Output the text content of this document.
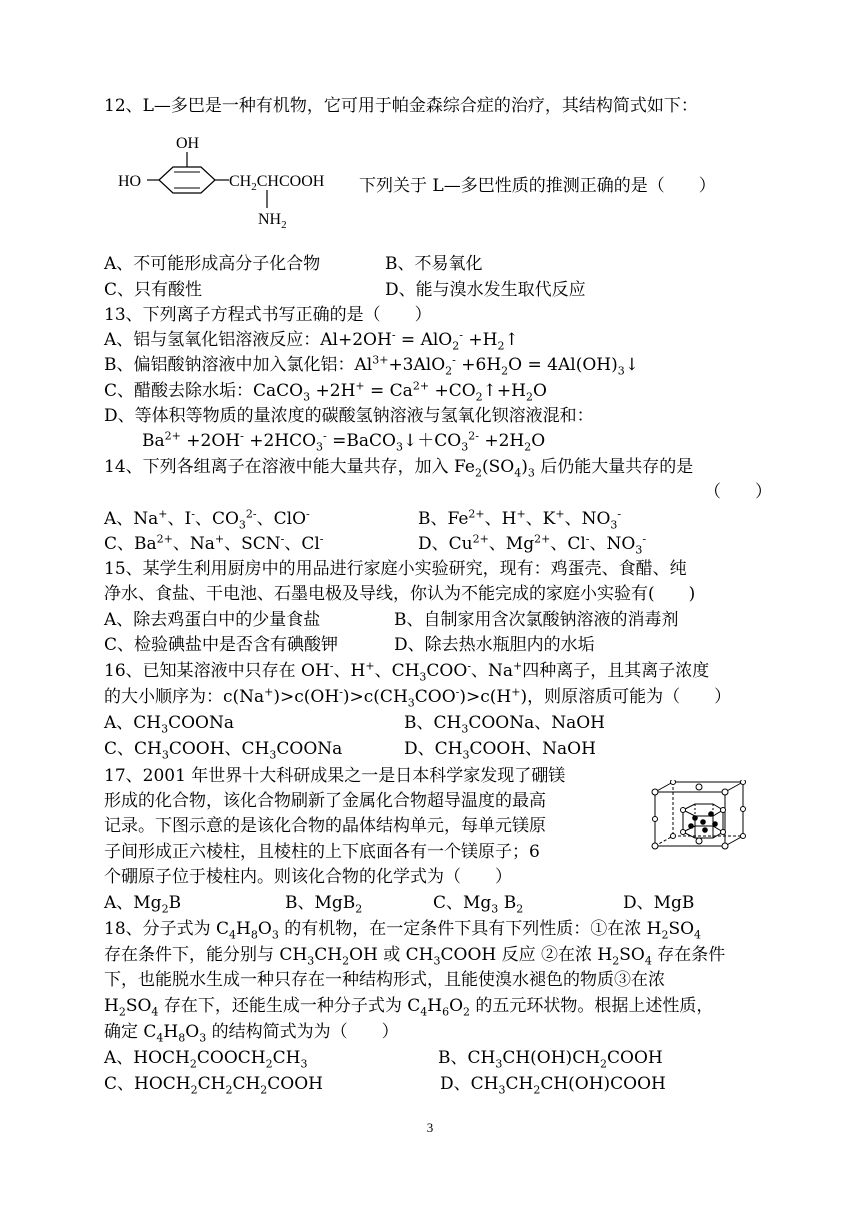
12、L—多巴是一种有机物，它可用于帕金森综合症的治疗，其结构简式如下：
OH
HO	$CH_2CHCOOH$
$NH_2$
下列关于 L—多巴性质的推测正确的是（　　）
A、不可能形成高分子化合物	B、不易氧化
C、只有酸性	D、能与溴水发生取代反应
13、下列离子方程式书写正确的是（　　）
A、铝与氢氧化铝溶液反应：$Al+2OH^- = AlO_2^- +H_2↑$
B、偏铝酸钠溶液中加入氯化铝：$Al^{3+}+3AlO_2^- +6H_2O$ = $4Al(OH)_3↓$
C、醋酸去除水垢：CaCO$_3$ $+2H^+ = Ca^{2+}$ $+CO_2↑+H_2O$
D、等体积等物质的量浓度的碳酸氢钠溶液与氢氧化钡溶液混和：
$Ba^{2+} +2OH^- +2HCO_3^-$ $=BaCO_3↓+CO_3^{2-} +2H_2O$
14、下列各组离子在溶液中能大量共存，加入 $Fe_2(SO_4)_3$ 后仍能大量共存的是
（　　）
A、Na+、I-、$CO_3^{2-}$、ClO-	B、$Fe^{2+}$、H+、K+、$NO_3^-$
C、$Ba^{2+}$、Na+、SCN-、Cl-	D、$Cu^{2+}$、$Mg^{2+}$、Cl-、$NO_3^-$
15、某学生利用厨房中的用品进行家庭小实验研究，现有：鸡蛋壳、食醋、纯
净水、食盐、干电池、石墨电极及导线，你认为不能完成的家庭小实验有(　　)
A、除去鸡蛋白中的少量食盐	B、自制家用含次氯酸钠溶液的消毒剂
C、检验碘盐中是否含有碘酸钾	D、除去热水瓶胆内的水垢
16、已知某溶液中只存在 OH-、H+、$CH_3COO^-$、Na+四种离子，且其离子浓度
的大小顺序为：$c(Na^+)>c(OH^-)>c(CH_3COO^-)>c(H^+)$，则原溶质可能为（　　）
A、$CH_3COONa$	B、$CH_3COONa$、NaOH
C、$CH_3COOH$、$CH_3COONa$	D、$CH_3COOH$、NaOH
17、2001 年世界十大科研成果之一是日本科学家发现了硼镁
形成的化合物，该化合物刷新了金属化合物超导温度的最高
记录。下图示意的是该化合物的晶体结构单元，每单元镁原
子间形成正六棱柱，且棱柱的上下底面各有一个镁原子；6
个硼原子位于棱柱内。则该化合物的化学式为（　　）
A、$Mg_2B$	B、MgB$_2$	C、$Mg_3$ $B_2$	D、MgB
18、分子式为 $C_4H_8O_3$ 的有机物，在一定条件下具有下列性质：①在浓 $H_2SO_4$
存在条件下，能分别与 $CH_3CH_2OH$ 或 $CH_3COOH$ 反应 ②在浓 $H_2SO_4$ 存在条件
下，也能脱水生成一种只存在一种结构形式，且能使溴水褪色的物质③在浓
$H_2SO_4$ 存在下，还能生成一种分子式为 $C_4H_6O_2$ 的五元环状物。根据上述性质，
确定 $C_4H_8O_3$ 的结构简式为为（　　）
A、$HOCH_2COOCH_2CH_3$	B、$CH_3CH(OH)CH_2COOH$
C、$HOCH_2CH_2CH_2COOH$	D、$CH_3CH_2CH(OH)COOH$
3
